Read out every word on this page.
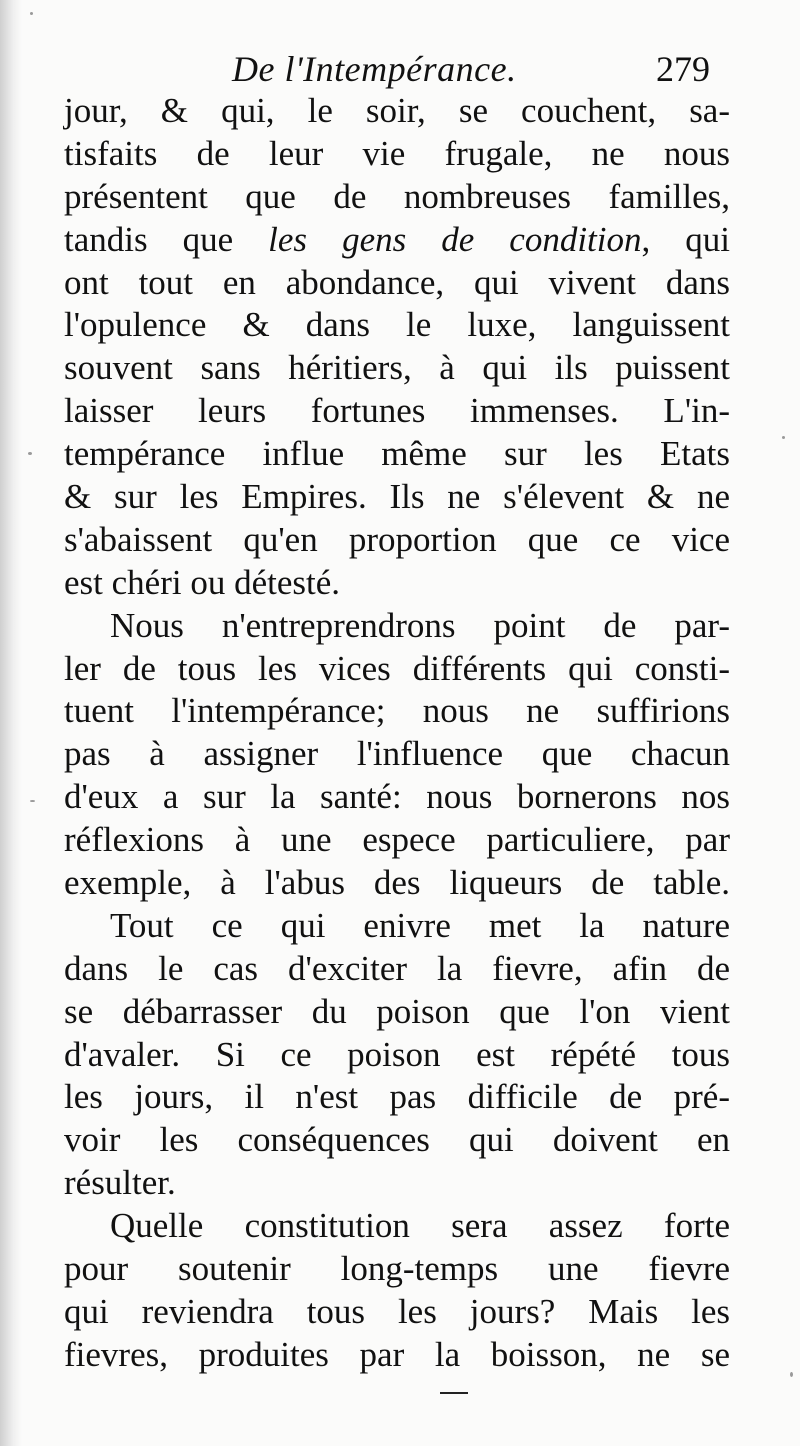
De l'Intempérance.	279
jour, & qui, le soir, se couchent, sa-
tisfaits de leur vie frugale, ne nous
présentent que de nombreuses familles,
tandis que les gens de condition, qui
ont tout en abondance, qui vivent dans
l'opulence & dans le luxe, languissent
souvent sans héritiers, à qui ils puissent
laisser leurs fortunes immenses. L'in-
tempérance influe même sur les Etats
& sur les Empires. Ils ne s'élevent & ne
s'abaissent qu'en proportion que ce vice
est chéri ou détesté.
Nous n'entreprendrons point de par-
ler de tous les vices différents qui consti-
tuent l'intempérance; nous ne suffirions
pas à assigner l'influence que chacun
d'eux a sur la santé: nous bornerons nos
réflexions à une espece particuliere, par
exemple, à l'abus des liqueurs de table.
Tout ce qui enivre met la nature
dans le cas d'exciter la fievre, afin de
se débarrasser du poison que l'on vient
d'avaler. Si ce poison est répété tous
les jours, il n'est pas difficile de pré-
voir les conséquences qui doivent en
résulter.
Quelle constitution sera assez forte
pour soutenir long-temps une fievre
qui reviendra tous les jours? Mais les
fievres, produites par la boisson, ne se
